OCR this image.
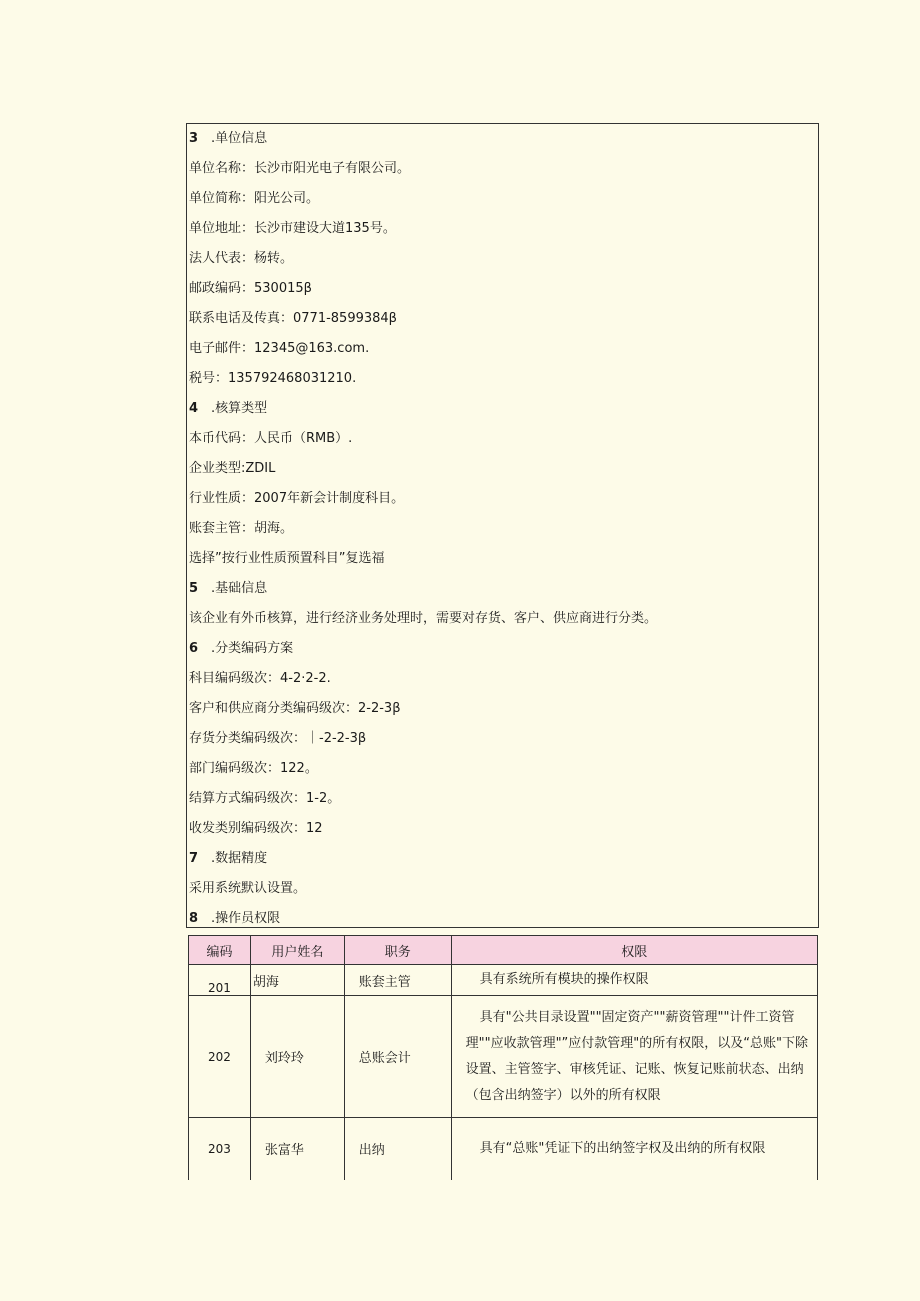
3 .单位信息
单位名称：长沙市阳光电子有限公司。
单位简称：阳光公司。
单位地址：长沙市建设大道135号。
法人代表：杨转。
邮政编码：530015β
联系电话及传真：0771-8599384β
电子邮件：12345@163.com.
税号：135792468031210.
4 .核算类型
本币代码：人民币（RMB）.
企业类型:ZDIL
行业性质：2007年新会计制度科目。
账套主管：胡海。
选择”按行业性质预置科目”复选福
5 .基础信息
该企业有外币核算，进行经济业务处理时，需要对存货、客户、供应商进行分类。
6 .分类编码方案
科目编码级次：4-2·2-2.
客户和供应商分类编码级次：2-2-3β
存货分类编码级次：｜-2-2-3β
部门编码级次：122。
结算方式编码级次：1-2。
收发类别编码级次：12
7 .数据精度
采用系统默认设置。
8 .操作员权限
编码	用户姓名	职务	权限
201	胡海	账套主管	具有系统所有模块的操作权限
202	刘玲玲	总账会计	具有"公共目录设置""固定资产""薪资管理""计件工资管理""应收款管理"”应付款管理"的所有权限，以及“总账"下除设置、主管签字、审核凭证、记账、恢复记账前状态、出纳（包含出纳签字）以外的所有权限
203	张富华	出纳	具有“总账"凭证下的出纳签字权及出纳的所有权限
